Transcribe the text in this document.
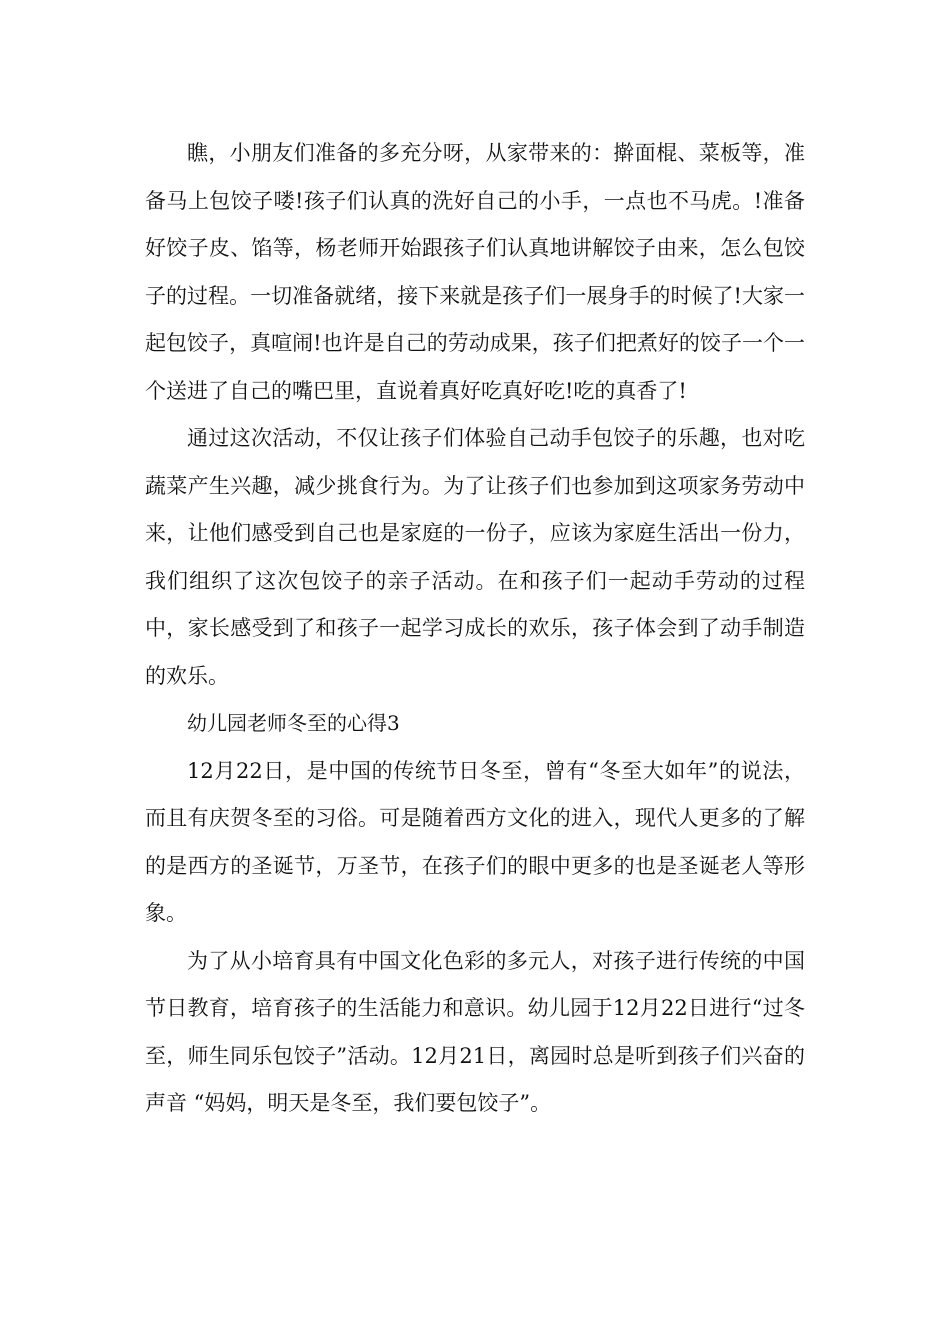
瞧，小朋友们准备的多充分呀，从家带来的：擀面棍、菜板等，准备马上包饺子喽!孩子们认真的洗好自己的小手，一点也不马虎。!准备好饺子皮、馅等，杨老师开始跟孩子们认真地讲解饺子由来，怎么包饺子的过程。一切准备就绪，接下来就是孩子们一展身手的时候了!大家一起包饺子，真喧闹!也许是自己的劳动成果，孩子们把煮好的饺子一个一个送进了自己的嘴巴里，直说着真好吃真好吃!吃的真香了!

通过这次活动，不仅让孩子们体验自己动手包饺子的乐趣，也对吃蔬菜产生兴趣，减少挑食行为。为了让孩子们也参加到这项家务劳动中来，让他们感受到自己也是家庭的一份子，应该为家庭生活出一份力，我们组织了这次包饺子的亲子活动。在和孩子们一起动手劳动的过程中，家长感受到了和孩子一起学习成长的欢乐，孩子体会到了动手制造的欢乐。

幼儿园老师冬至的心得3

12月22日，是中国的传统节日冬至，曾有“冬至大如年”的说法，而且有庆贺冬至的习俗。可是随着西方文化的进入，现代人更多的了解的是西方的圣诞节，万圣节，在孩子们的眼中更多的也是圣诞老人等形象。

为了从小培育具有中国文化色彩的多元人，对孩子进行传统的中国节日教育，培育孩子的生活能力和意识。幼儿园于12月22日进行“过冬至，师生同乐包饺子”活动。12月21日，离园时总是听到孩子们兴奋的声音 “妈妈，明天是冬至，我们要包饺子”。
